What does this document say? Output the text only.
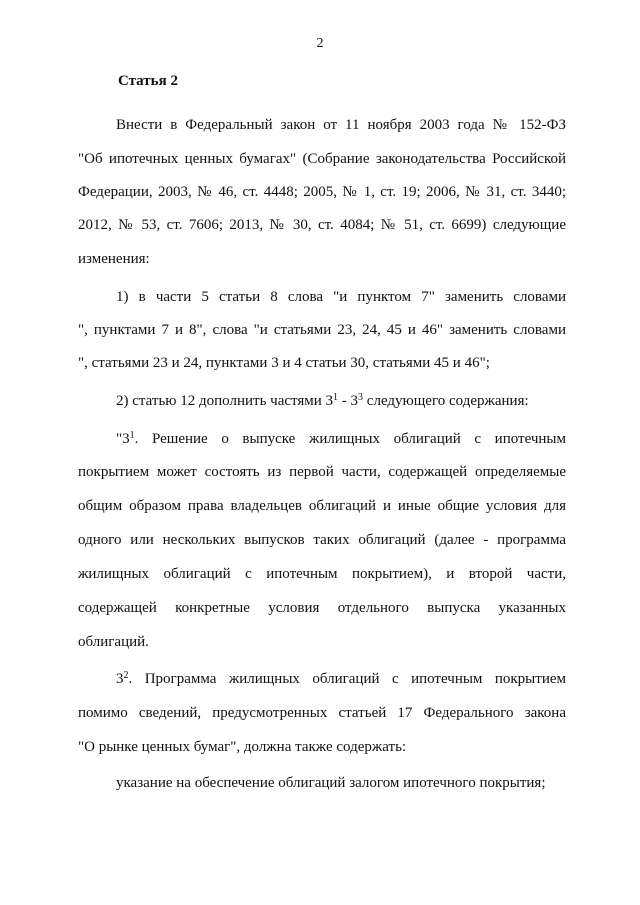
2
Статья 2
Внести в Федеральный закон от 11 ноября 2003 года № 152-ФЗ
"Об ипотечных ценных бумагах" (Собрание законодательства Российской
Федерации, 2003, № 46, ст. 4448; 2005, № 1, ст. 19; 2006, № 31, ст. 3440;
2012, № 53, ст. 7606; 2013, № 30, ст. 4084; № 51, ст. 6699) следующие
изменения:
1) в части 5 статьи 8 слова "и пунктом 7" заменить словами
", пунктами 7 и 8", слова "и статьями 23, 24, 45 и 46" заменить словами
", статьями 23 и 24, пунктами 3 и 4 статьи 30, статьями 45 и 46";
2) статью 12 дополнить частями $3^1 - 3^3$ следующего содержания:
"$3^1$. Решение о выпуске жилищных облигаций с ипотечным
покрытием может состоять из первой части, содержащей определяемые
общим образом права владельцев облигаций и иные общие условия для
одного или нескольких выпусков таких облигаций (далее - программа
жилищных облигаций с ипотечным покрытием), и второй части,
содержащей конкретные условия отдельного выпуска указанных
облигаций.
$3^2$. Программа жилищных облигаций с ипотечным покрытием
помимо сведений, предусмотренных статьей 17 Федерального закона
"О рынке ценных бумаг", должна также содержать:
указание на обеспечение облигаций залогом ипотечного покрытия;
